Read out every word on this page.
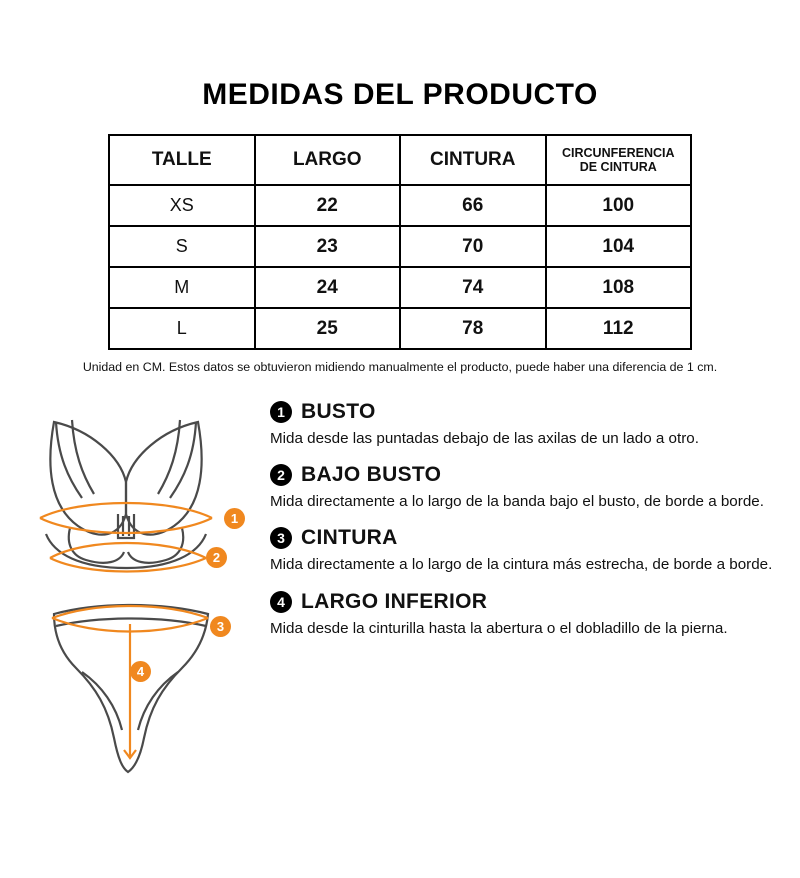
MEDIDAS DEL PRODUCTO
TALLE	LARGO	CINTURA	CIRCUNFERENCIA
DE CINTURA
XS	22	66	100
S	23	70	104
M	24	74	108
L	25	78	112
Unidad en CM. Estos datos se obtuvieron midiendo manualmente el producto, puede haber una diferencia de 1 cm.
1
2
3
4
1 BUSTO
Mida desde las puntadas debajo de las axilas de un lado a otro.
2 BAJO BUSTO
Mida directamente a lo largo de la banda bajo el busto, de borde a borde.
3 CINTURA
Mida directamente a lo largo de la cintura más estrecha, de borde a borde.
4 LARGO INFERIOR
Mida desde la cinturilla hasta la abertura o el dobladillo de la pierna.
